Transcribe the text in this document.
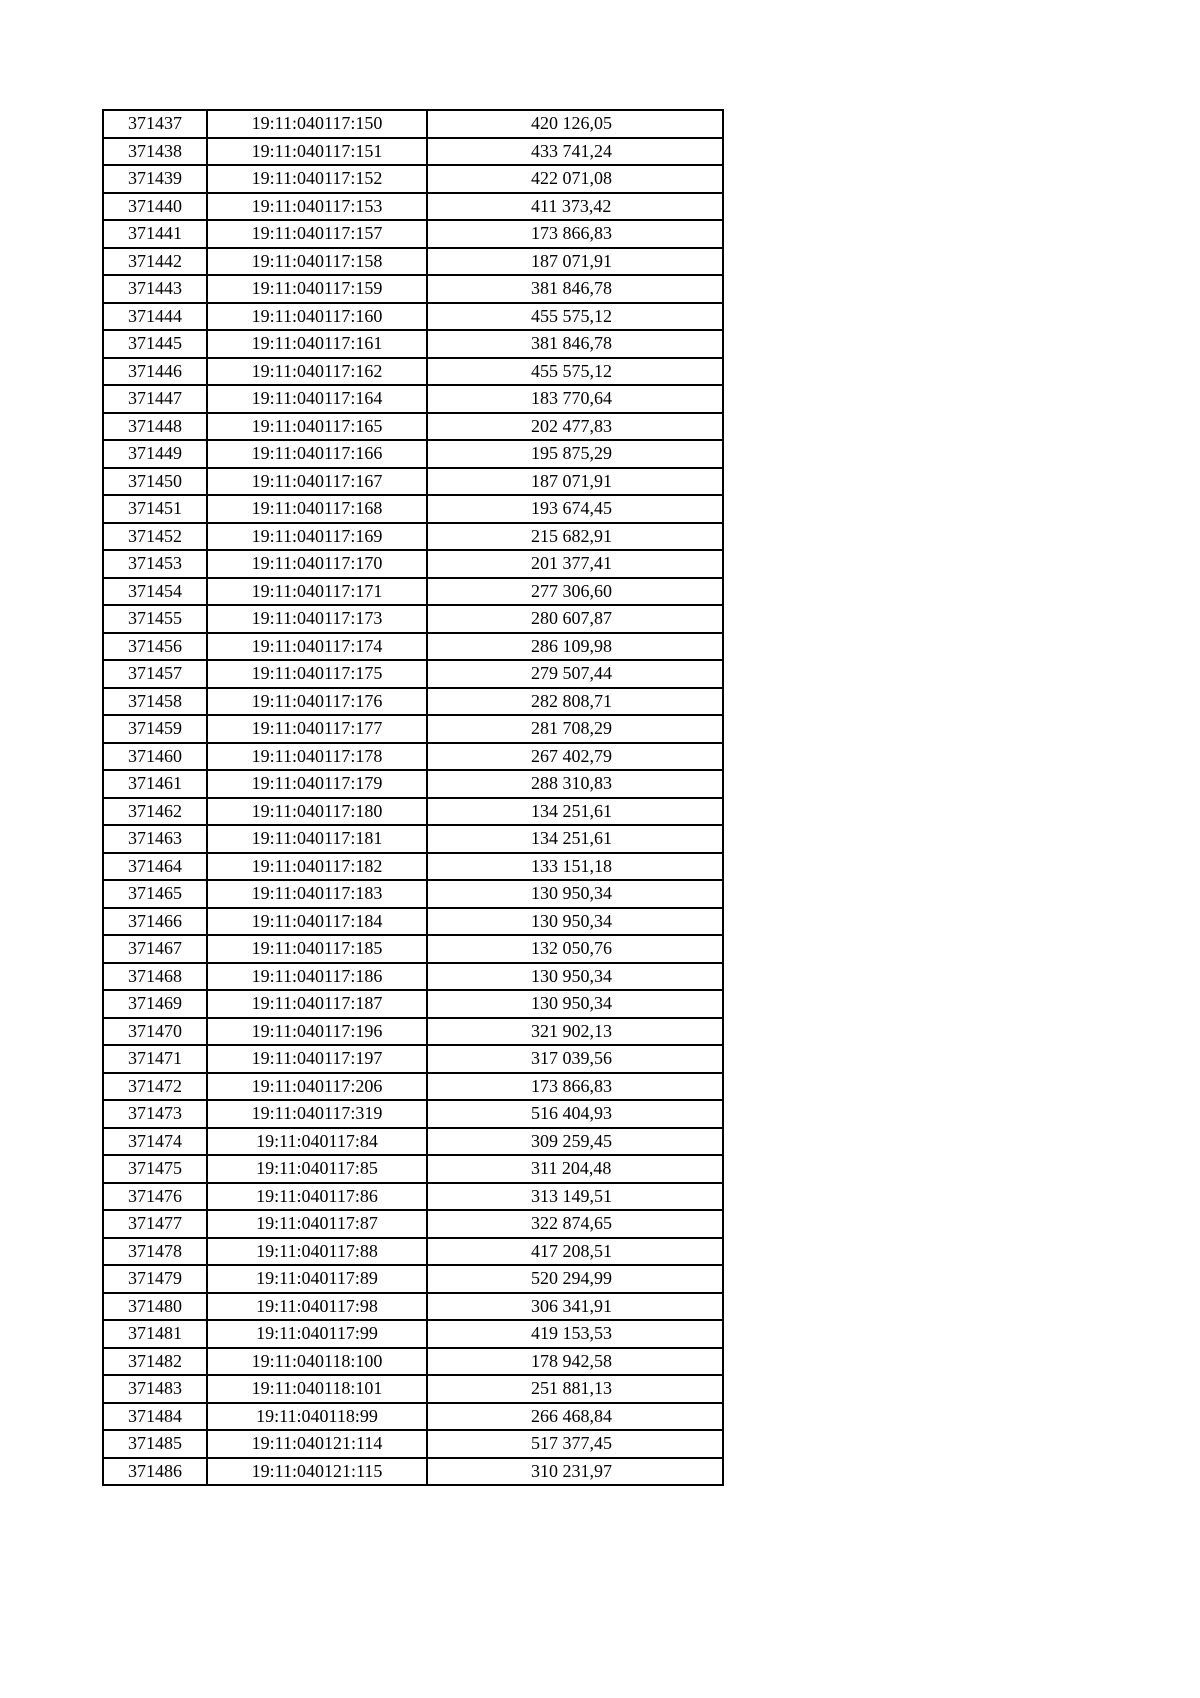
371437	19:11:040117:150	420 126,05
371438	19:11:040117:151	433 741,24
371439	19:11:040117:152	422 071,08
371440	19:11:040117:153	411 373,42
371441	19:11:040117:157	173 866,83
371442	19:11:040117:158	187 071,91
371443	19:11:040117:159	381 846,78
371444	19:11:040117:160	455 575,12
371445	19:11:040117:161	381 846,78
371446	19:11:040117:162	455 575,12
371447	19:11:040117:164	183 770,64
371448	19:11:040117:165	202 477,83
371449	19:11:040117:166	195 875,29
371450	19:11:040117:167	187 071,91
371451	19:11:040117:168	193 674,45
371452	19:11:040117:169	215 682,91
371453	19:11:040117:170	201 377,41
371454	19:11:040117:171	277 306,60
371455	19:11:040117:173	280 607,87
371456	19:11:040117:174	286 109,98
371457	19:11:040117:175	279 507,44
371458	19:11:040117:176	282 808,71
371459	19:11:040117:177	281 708,29
371460	19:11:040117:178	267 402,79
371461	19:11:040117:179	288 310,83
371462	19:11:040117:180	134 251,61
371463	19:11:040117:181	134 251,61
371464	19:11:040117:182	133 151,18
371465	19:11:040117:183	130 950,34
371466	19:11:040117:184	130 950,34
371467	19:11:040117:185	132 050,76
371468	19:11:040117:186	130 950,34
371469	19:11:040117:187	130 950,34
371470	19:11:040117:196	321 902,13
371471	19:11:040117:197	317 039,56
371472	19:11:040117:206	173 866,83
371473	19:11:040117:319	516 404,93
371474	19:11:040117:84	309 259,45
371475	19:11:040117:85	311 204,48
371476	19:11:040117:86	313 149,51
371477	19:11:040117:87	322 874,65
371478	19:11:040117:88	417 208,51
371479	19:11:040117:89	520 294,99
371480	19:11:040117:98	306 341,91
371481	19:11:040117:99	419 153,53
371482	19:11:040118:100	178 942,58
371483	19:11:040118:101	251 881,13
371484	19:11:040118:99	266 468,84
371485	19:11:040121:114	517 377,45
371486	19:11:040121:115	310 231,97
